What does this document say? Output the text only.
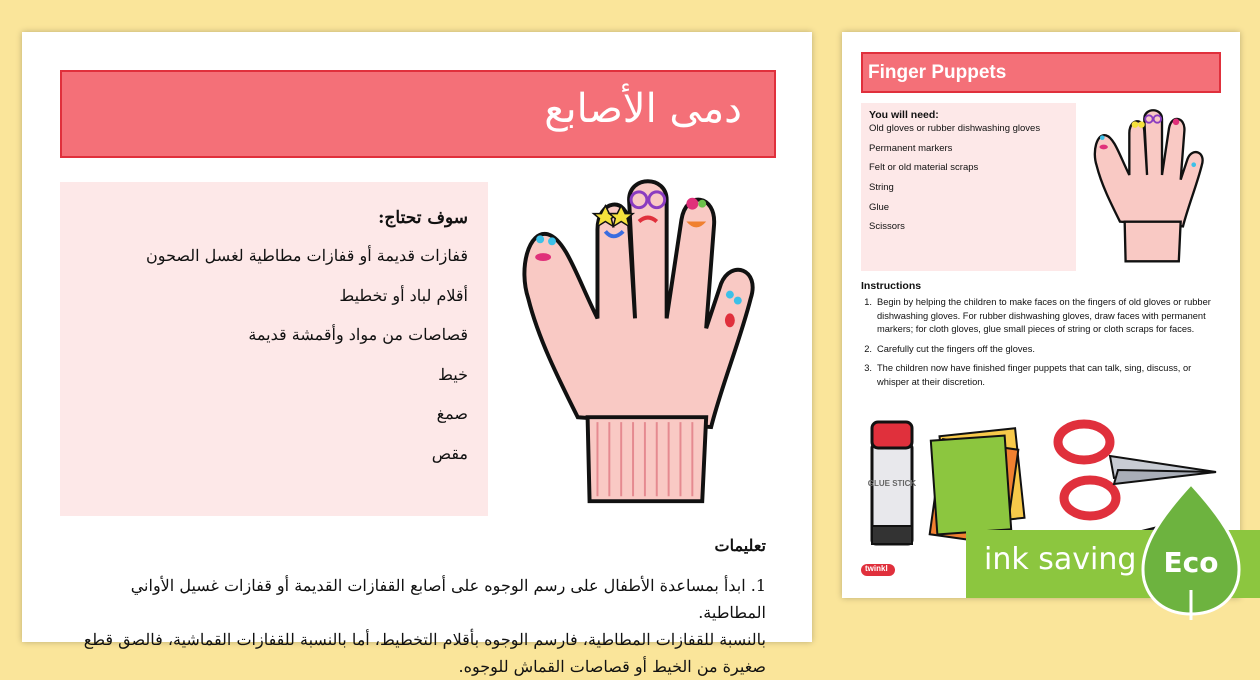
دمى الأصابع
سوف تحتاج:
قفازات قديمة أو قفازات مطاطية لغسل الصحون
أقلام لباد أو تخطيط
قصاصات من مواد وأقمشة قديمة
خيط
صمغ
مقص
تعليمات
1. ابدأ بمساعدة الأطفال على رسم الوجوه على أصابع القفازات القديمة أو قفازات غسيل الأواني المطاطية.
بالنسبة للقفازات المطاطية، فارسم الوجوه بأقلام التخطيط، أما بالنسبة للقفازات القماشية، فالصق قطع
صغيرة من الخيط أو قصاصات القماش للوجوه.
Finger Puppets
You will need:
Old gloves or rubber dishwashing gloves
Permanent markers
Felt or old material scraps
String
Glue
Scissors
Instructions
1. Begin by helping the children to make faces on the fingers of old gloves or rubber dishwashing gloves. For rubber dishwashing gloves, draw faces with permanent markers; for cloth gloves, glue small pieces of string or cloth scraps for faces.
2. Carefully cut the fingers off the gloves.
3. The children now have finished finger puppets that can talk, sing, discuss, or whisper at their discretion.
GLUE STICK
twinkl	ink saving Eco
